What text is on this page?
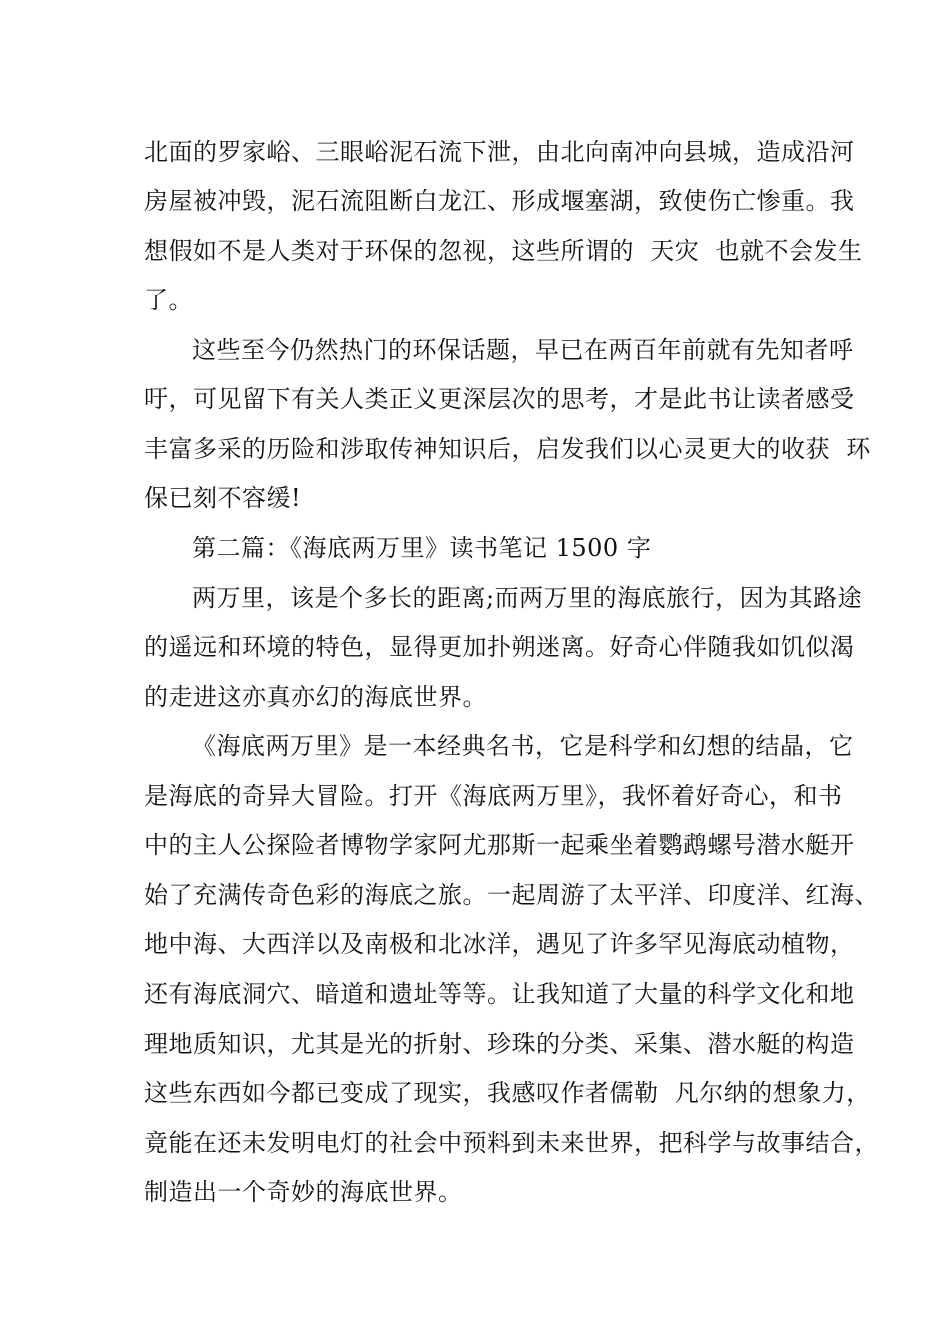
北面的罗家峪、三眼峪泥石流下泄，由北向南冲向县城，造成沿河
房屋被冲毁，泥石流阻断白龙江、形成堰塞湖，致使伤亡惨重。我
想假如不是人类对于环保的忽视，这些所谓的  天灾  也就不会发生
了。
这些至今仍然热门的环保话题，早已在两百年前就有先知者呼
吁，可见留下有关人类正义更深层次的思考，才是此书让读者感受
丰富多采的历险和涉取传神知识后，启发我们以心灵更大的收获  环
保已刻不容缓!
第二篇：《海底两万里》读书笔记 1500 字
两万里，该是个多长的距离;而两万里的海底旅行，因为其路途
的遥远和环境的特色，显得更加扑朔迷离。好奇心伴随我如饥似渴
的走进这亦真亦幻的海底世界。
《海底两万里》是一本经典名书，它是科学和幻想的结晶，它
是海底的奇异大冒险。打开《海底两万里》，我怀着好奇心，和书
中的主人公探险者博物学家阿尤那斯一起乘坐着鹦鹉螺号潜水艇开
始了充满传奇色彩的海底之旅。一起周游了太平洋、印度洋、红海、
地中海、大西洋以及南极和北冰洋，遇见了许多罕见海底动植物，
还有海底洞穴、暗道和遗址等等。让我知道了大量的科学文化和地
理地质知识，尤其是光的折射、珍珠的分类、采集、潜水艇的构造
这些东西如今都已变成了现实，我感叹作者儒勒  凡尔纳的想象力，
竟能在还未发明电灯的社会中预料到未来世界，把科学与故事结合，
制造出一个奇妙的海底世界。
